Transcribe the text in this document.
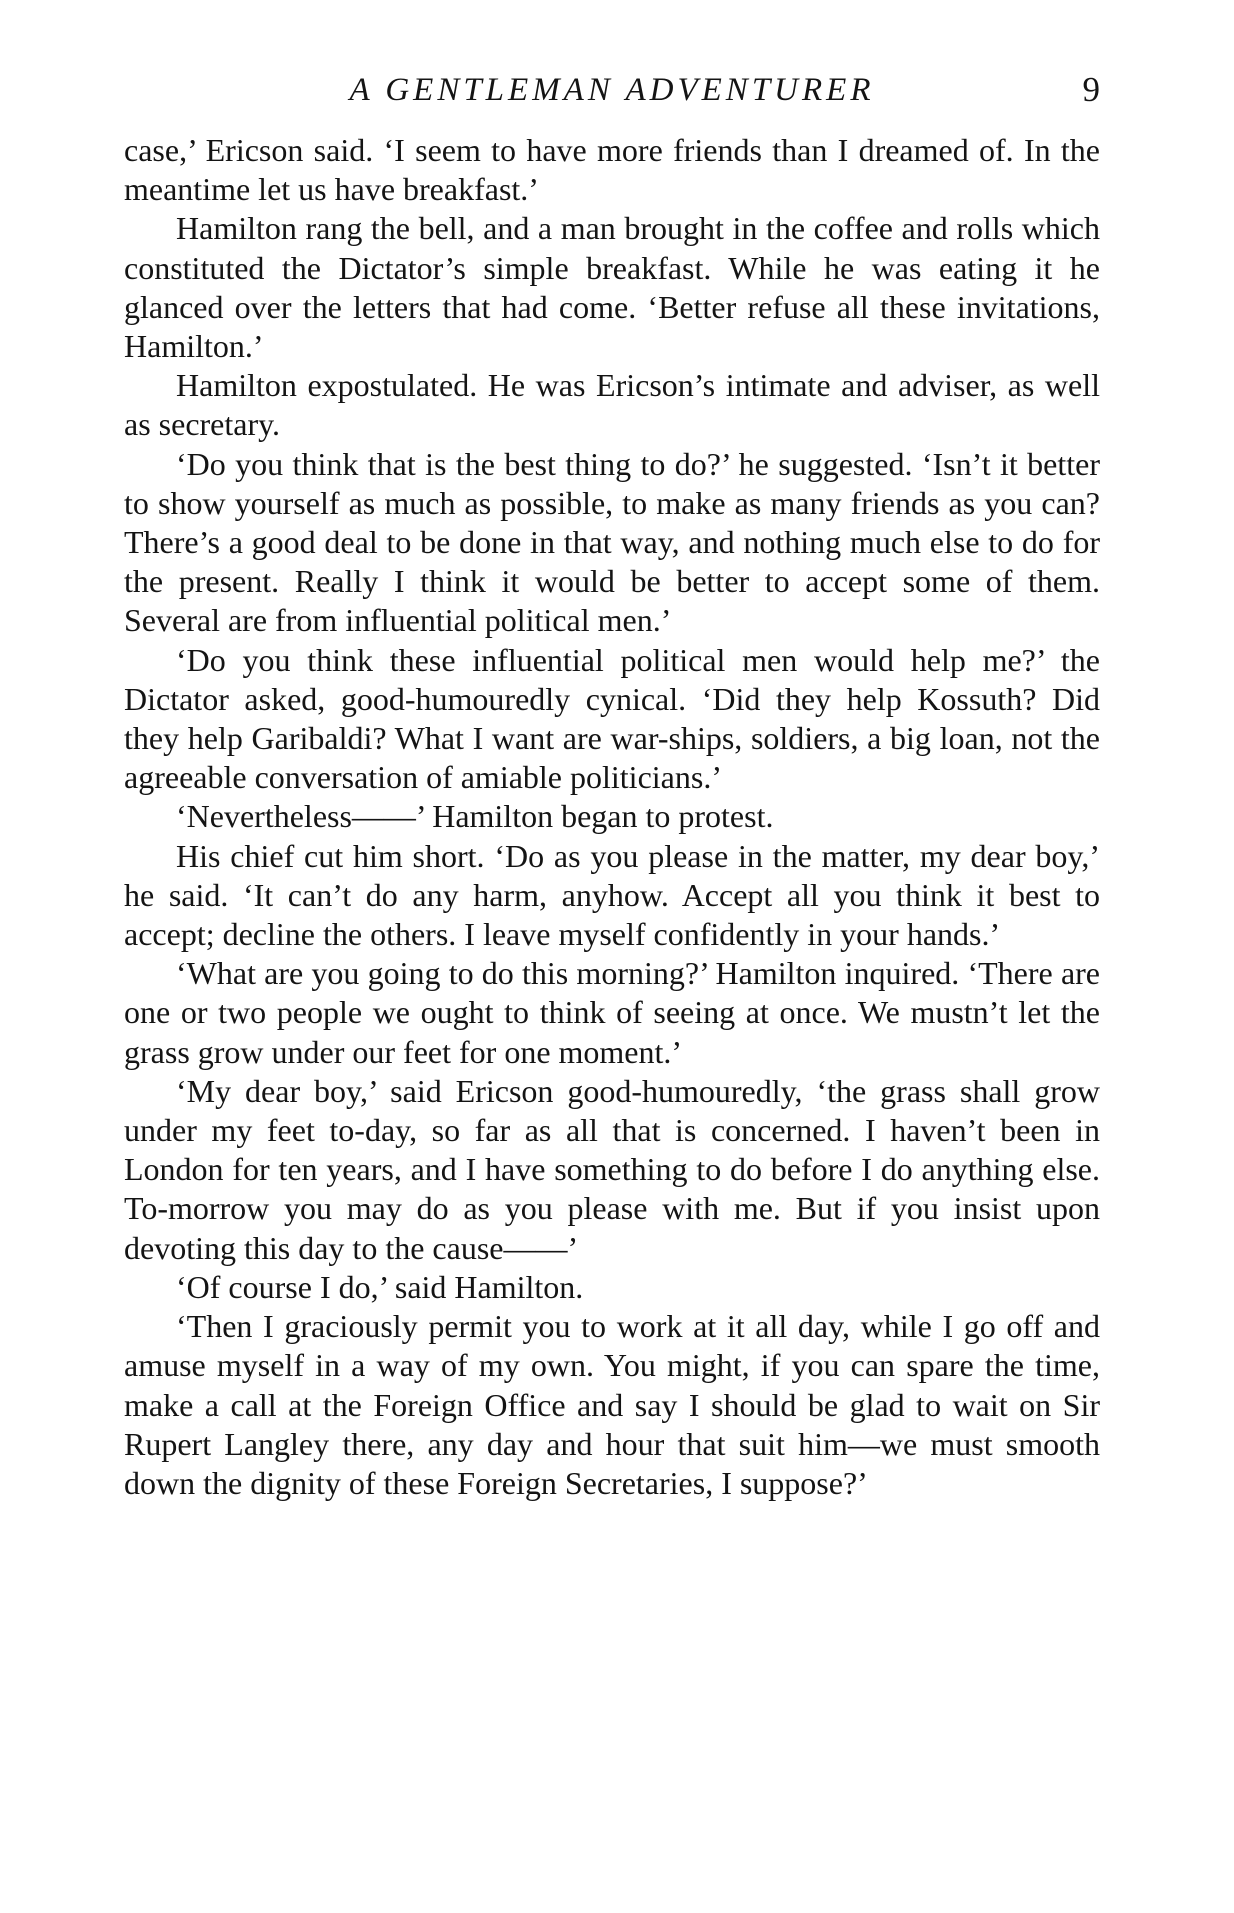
A GENTLEMAN ADVENTURER	9

case,’ Ericson said. ‘I seem to have more friends than I dreamed of. In the meantime let us have breakfast.’

Hamilton rang the bell, and a man brought in the coffee and rolls which constituted the Dictator’s simple breakfast. While he was eating it he glanced over the letters that had come. ‘Better refuse all these invitations, Hamilton.’

Hamilton expostulated. He was Ericson’s intimate and adviser, as well as secretary.

‘Do you think that is the best thing to do?’ he suggested. ‘Isn’t it better to show yourself as much as possible, to make as many friends as you can? There’s a good deal to be done in that way, and nothing much else to do for the present. Really I think it would be better to accept some of them. Several are from influential political men.’

‘Do you think these influential political men would help me?’ the Dictator asked, good-humouredly cynical. ‘Did they help Kossuth? Did they help Garibaldi? What I want are war-ships, soldiers, a big loan, not the agreeable conversation of amiable politicians.’

‘Nevertheless——’ Hamilton began to protest.

His chief cut him short. ‘Do as you please in the matter, my dear boy,’ he said. ‘It can’t do any harm, anyhow. Accept all you think it best to accept; decline the others. I leave myself confidently in your hands.’

‘What are you going to do this morning?’ Hamilton inquired. ‘There are one or two people we ought to think of seeing at once. We mustn’t let the grass grow under our feet for one moment.’

‘My dear boy,’ said Ericson good-humouredly, ‘the grass shall grow under my feet to-day, so far as all that is concerned. I haven’t been in London for ten years, and I have something to do before I do anything else. To-morrow you may do as you please with me. But if you insist upon devoting this day to the cause——’

‘Of course I do,’ said Hamilton.

‘Then I graciously permit you to work at it all day, while I go off and amuse myself in a way of my own. You might, if you can spare the time, make a call at the Foreign Office and say I should be glad to wait on Sir Rupert Langley there, any day and hour that suit him—we must smooth down the dignity of these Foreign Secretaries, I suppose?’
